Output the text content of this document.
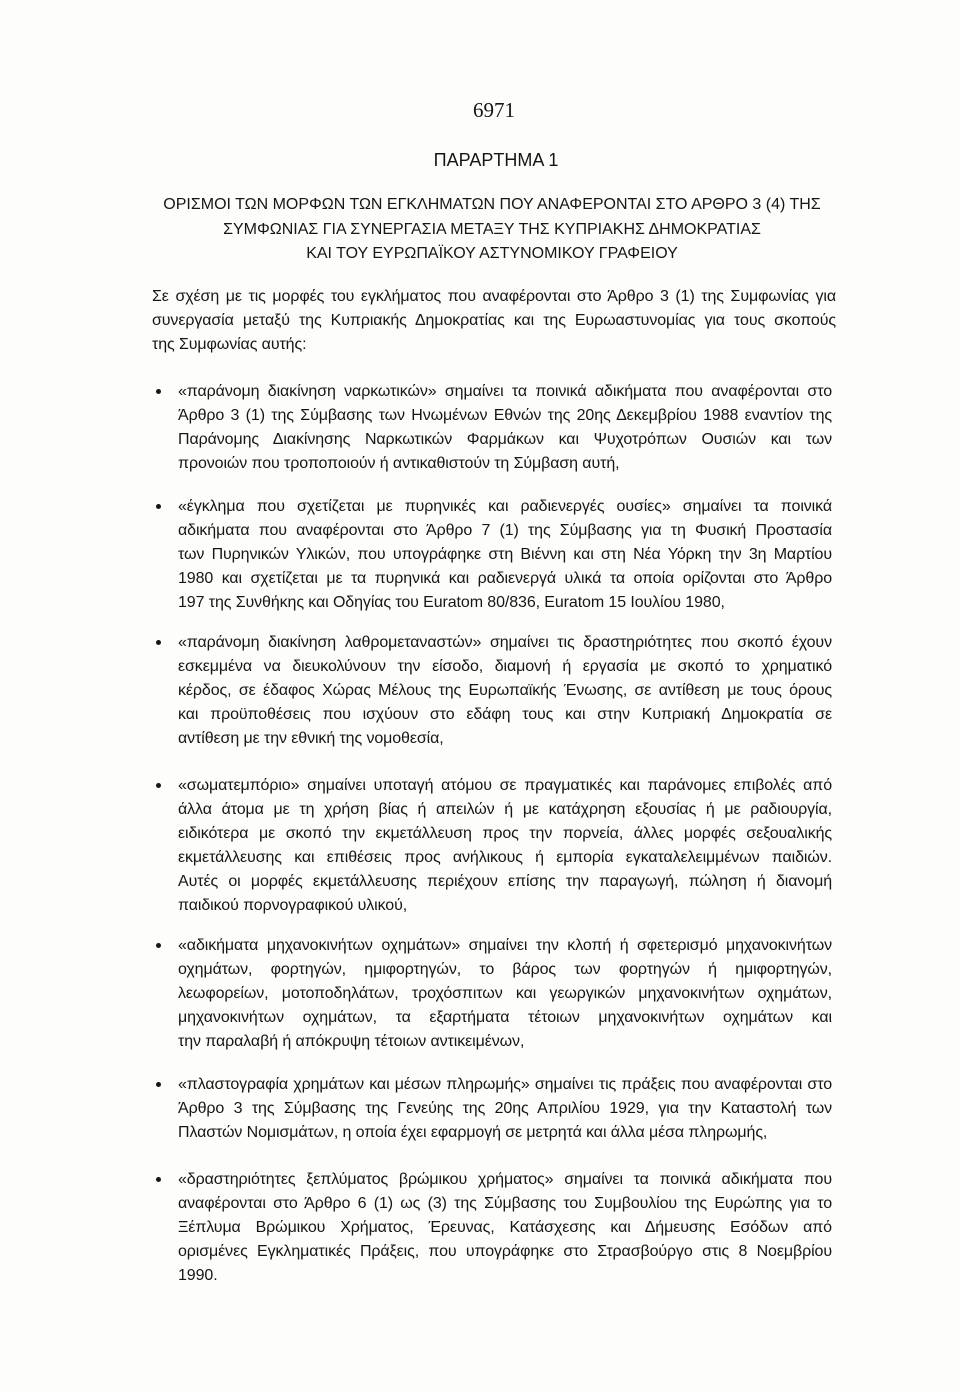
6971
ΠΑΡΑΡΤΗΜΑ 1
ΟΡΙΣΜΟΙ ΤΩΝ ΜΟΡΦΩΝ ΤΩΝ ΕΓΚΛΗΜΑΤΩΝ ΠΟΥ ΑΝΑΦΕΡΟΝΤΑΙ ΣΤΟ ΑΡΘΡΟ 3 (4) ΤΗΣ
ΣΥΜΦΩΝΙΑΣ ΓΙΑ ΣΥΝΕΡΓΑΣΙΑ ΜΕΤΑΞΥ ΤΗΣ ΚΥΠΡΙΑΚΗΣ ΔΗΜΟΚΡΑΤΙΑΣ
ΚΑΙ ΤΟΥ ΕΥΡΩΠΑΪΚΟΥ ΑΣΤΥΝΟΜΙΚΟΥ ΓΡΑΦΕΙΟΥ
Σε σχέση με τις μορφές του εγκλήματος που αναφέρονται στο Άρθρο 3 (1) της Συμφωνίας για
συνεργασία μεταξύ της Κυπριακής Δημοκρατίας και της Ευρωαστυνομίας για τους σκοπούς
της Συμφωνίας αυτής:
«παράνομη διακίνηση ναρκωτικών» σημαίνει τα ποινικά αδικήματα που αναφέρονται στο
Άρθρο 3 (1) της Σύμβασης των Ηνωμένων Εθνών της 20ης Δεκεμβρίου 1988 εναντίον της
Παράνομης Διακίνησης Ναρκωτικών Φαρμάκων και Ψυχοτρόπων Ουσιών και των
προνοιών που τροποποιούν ή αντικαθιστούν τη Σύμβαση αυτή,
«έγκλημα που σχετίζεται με πυρηνικές και ραδιενεργές ουσίες» σημαίνει τα ποινικά
αδικήματα που αναφέρονται στο Άρθρο 7 (1) της Σύμβασης για τη Φυσική Προστασία
των Πυρηνικών Υλικών, που υπογράφηκε στη Βιέννη και στη Νέα Υόρκη την 3η Μαρτίου
1980 και σχετίζεται με τα πυρηνικά και ραδιενεργά υλικά τα οποία ορίζονται στο Άρθρο
197 της Συνθήκης και Οδηγίας του Euratom 80/836, Euratom 15 Ιουλίου 1980,
«παράνομη διακίνηση λαθρομεταναστών» σημαίνει τις δραστηριότητες που σκοπό έχουν
εσκεμμένα να διευκολύνουν την είσοδο, διαμονή ή εργασία με σκοπό το χρηματικό
κέρδος, σε έδαφος Χώρας Μέλους της Ευρωπαϊκής Ένωσης, σε αντίθεση με τους όρους
και προϋποθέσεις που ισχύουν στο εδάφη τους και στην Κυπριακή Δημοκρατία σε
αντίθεση με την εθνική της νομοθεσία,
«σωματεμπόριο» σημαίνει υποταγή ατόμου σε πραγματικές και παράνομες επιβολές από
άλλα άτομα με τη χρήση βίας ή απειλών ή με κατάχρηση εξουσίας ή με ραδιουργία,
ειδικότερα με σκοπό την εκμετάλλευση προς την πορνεία, άλλες μορφές σεξουαλικής
εκμετάλλευσης και επιθέσεις προς ανήλικους ή εμπορία εγκαταλελειμμένων παιδιών.
Αυτές οι μορφές εκμετάλλευσης περιέχουν επίσης την παραγωγή, πώληση ή διανομή
παιδικού πορνογραφικού υλικού,
«αδικήματα μηχανοκινήτων οχημάτων» σημαίνει την κλοπή ή σφετερισμό μηχανοκινήτων
οχημάτων, φορτηγών, ημιφορτηγών, το βάρος των φορτηγών ή ημιφορτηγών,
λεωφορείων, μοτοποδηλάτων, τροχόσπιτων και γεωργικών μηχανοκινήτων οχημάτων,
μηχανοκινήτων οχημάτων, τα εξαρτήματα τέτοιων μηχανοκινήτων οχημάτων και
την παραλαβή ή απόκρυψη τέτοιων αντικειμένων,
«πλαστογραφία χρημάτων και μέσων πληρωμής» σημαίνει τις πράξεις που αναφέρονται στο
Άρθρο 3 της Σύμβασης της Γενεύης της 20ης Απριλίου 1929, για την Καταστολή των
Πλαστών Νομισμάτων, η οποία έχει εφαρμογή σε μετρητά και άλλα μέσα πληρωμής,
«δραστηριότητες ξεπλύματος βρώμικου χρήματος» σημαίνει τα ποινικά αδικήματα που
αναφέρονται στο Άρθρο 6 (1) ως (3) της Σύμβασης του Συμβουλίου της Ευρώπης για το
Ξέπλυμα Βρώμικου Χρήματος, Έρευνας, Κατάσχεσης και Δήμευσης Εσόδων από
ορισμένες Εγκληματικές Πράξεις, που υπογράφηκε στο Στρασβούργο στις 8 Νοεμβρίου
1990.
